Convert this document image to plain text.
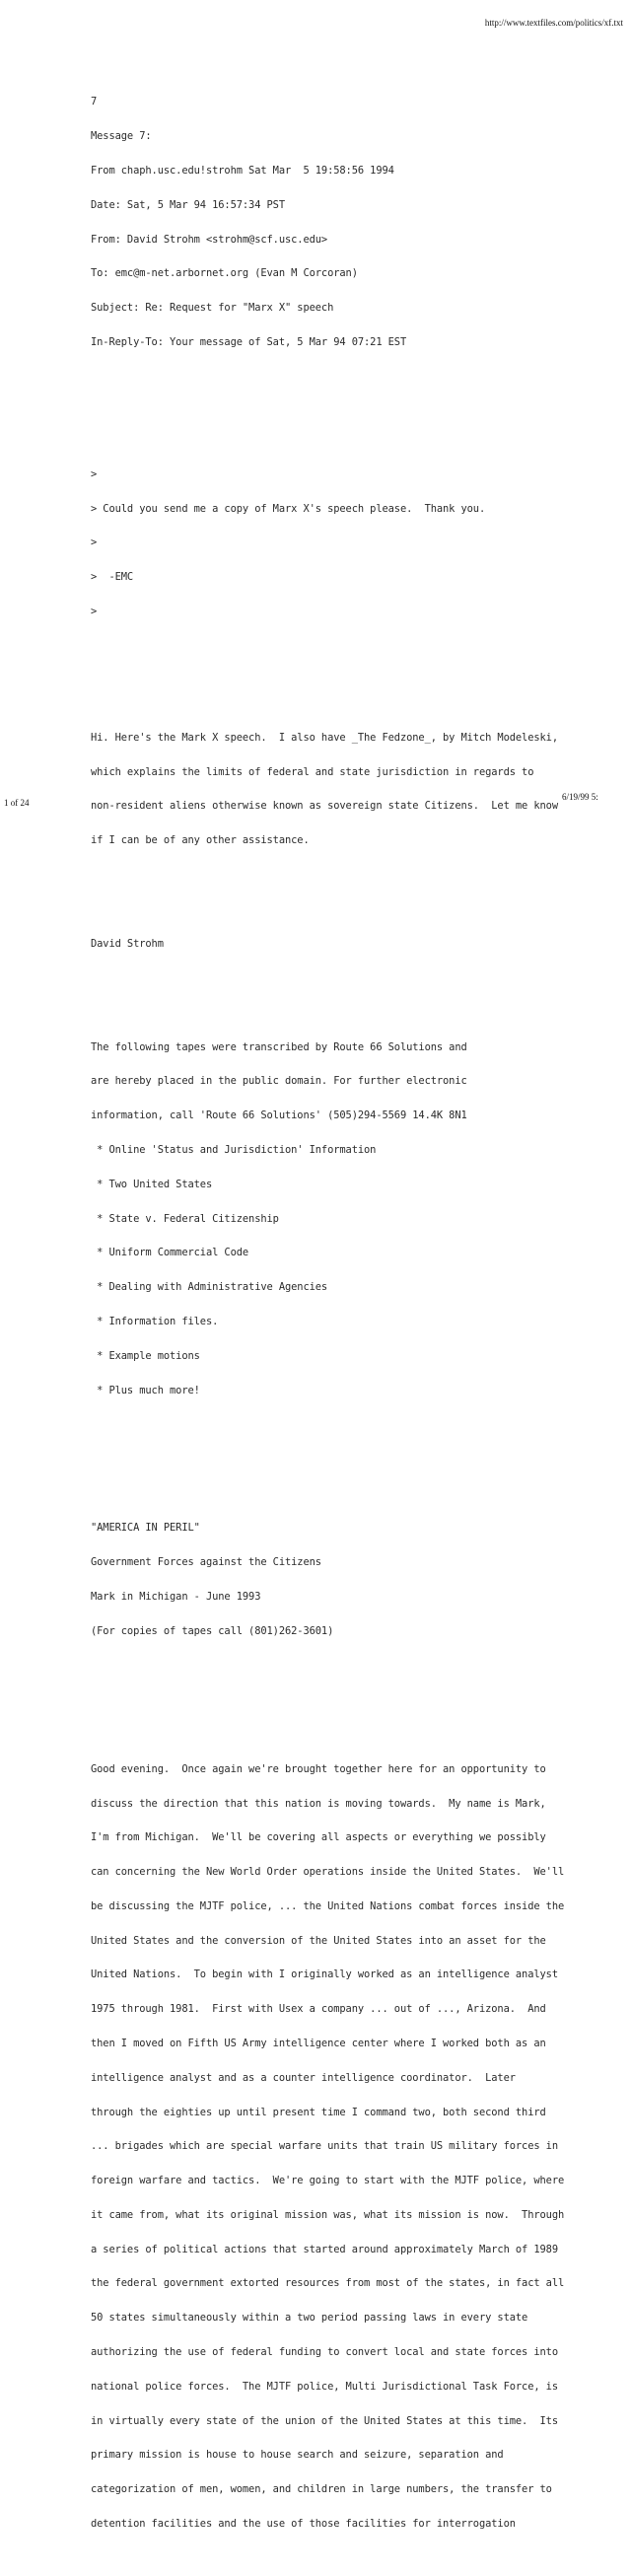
http://www.textfiles.com/politics/xf.txt

7

Message 7:

From chaph.usc.edu!strohm Sat Mar  5 19:58:56 1994

Date: Sat, 5 Mar 94 16:57:34 PST

From: David Strohm <strohm@scf.usc.edu>

To: emc@m-net.arbornet.org (Evan M Corcoran)

Subject: Re: Request for "Marx X" speech

In-Reply-To: Your message of Sat, 5 Mar 94 07:21 EST

>

> Could you send me a copy of Marx X's speech please.  Thank you.

>

>  -EMC

>

Hi. Here's the Mark X speech.  I also have _The Fedzone_, by Mitch Modeleski,

which explains the limits of federal and state jurisdiction in regards to

non-resident aliens otherwise known as sovereign state Citizens.  Let me know

if I can be of any other assistance.

David Strohm

The following tapes were transcribed by Route 66 Solutions and

are hereby placed in the public domain. For further electronic

information, call 'Route 66 Solutions' (505)294-5569 14.4K 8N1

* Online 'Status and Jurisdiction' Information

* Two United States

* State v. Federal Citizenship

* Uniform Commercial Code

* Dealing with Administrative Agencies

* Information files.

* Example motions

* Plus much more!

"AMERICA IN PERIL"

Government Forces against the Citizens

Mark in Michigan - June 1993

(For copies of tapes call (801)262-3601)

Good evening.  Once again we're brought together here for an opportunity to

discuss the direction that this nation is moving towards.  My name is Mark,

I'm from Michigan.  We'll be covering all aspects or everything we possibly

can concerning the New World Order operations inside the United States.  We'll

be discussing the MJTF police, ... the United Nations combat forces inside the

United States and the conversion of the United States into an asset for the

United Nations.  To begin with I originally worked as an intelligence analyst

1975 through 1981.  First with Usex a company ... out of ..., Arizona.  And

then I moved on Fifth US Army intelligence center where I worked both as an

intelligence analyst and as a counter intelligence coordinator.  Later

through the eighties up until present time I command two, both second third

... brigades which are special warfare units that train US military forces in

foreign warfare and tactics.  We're going to start with the MJTF police, where

it came from, what its original mission was, what its mission is now.  Through

a series of political actions that started around approximately March of 1989

the federal government extorted resources from most of the states, in fact all

50 states simultaneously within a two period passing laws in every state

authorizing the use of federal funding to convert local and state forces into

national police forces.  The MJTF police, Multi Jurisdictional Task Force, is

in virtually every state of the union of the United States at this time.  Its

primary mission is house to house search and seizure, separation and

categorization of men, women, and children in large numbers, the transfer to

detention facilities and the use of those facilities for interrogation

1 of 24
6/19/99 5:
